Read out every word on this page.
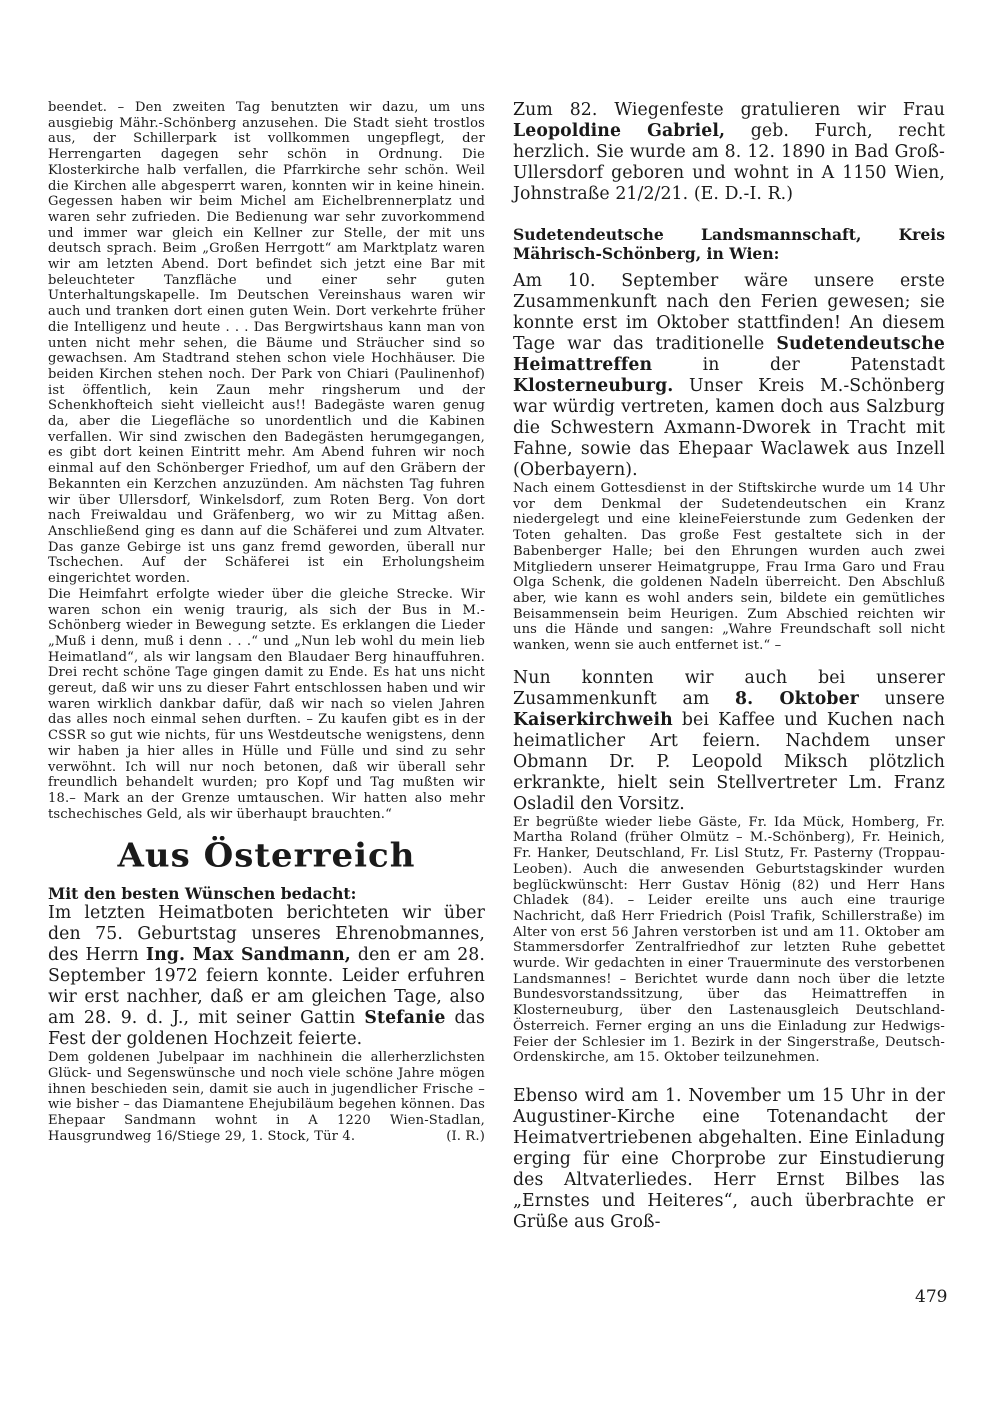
beendet. – Den zweiten Tag benutzten wir dazu, um uns ausgiebig Mähr.-Schönberg anzusehen. Die Stadt sieht trostlos aus, der Schillerpark ist vollkommen ungepflegt, der Herrengarten dagegen sehr schön in Ordnung. Die Klosterkirche halb verfallen, die Pfarrkirche sehr schön. Weil die Kirchen alle abgesperrt waren, konnten wir in keine hinein. Gegessen haben wir beim Michel am Eichelbrennerplatz und waren sehr zufrieden. Die Bedienung war sehr zuvorkommend und immer war gleich ein Kellner zur Stelle, der mit uns deutsch sprach. Beim „Großen Herrgott“ am Marktplatz waren wir am letzten Abend. Dort befindet sich jetzt eine Bar mit beleuchteter Tanzfläche und einer sehr guten Unterhaltungskapelle. Im Deutschen Vereinshaus waren wir auch und tranken dort einen guten Wein. Dort verkehrte früher die Intelligenz und heute . . . Das Bergwirtshaus kann man von unten nicht mehr sehen, die Bäume und Sträucher sind so gewachsen. Am Stadtrand stehen schon viele Hochhäuser. Die beiden Kirchen stehen noch. Der Park von Chiari (Paulinenhof) ist öffentlich, kein Zaun mehr ringsherum und der Schenkhofteich sieht vielleicht aus!! Badegäste waren genug da, aber die Liegefläche so unordentlich und die Kabinen verfallen. Wir sind zwischen den Badegästen herumgegangen, es gibt dort keinen Eintritt mehr. Am Abend fuhren wir noch einmal auf den Schönberger Friedhof, um auf den Gräbern der Bekannten ein Kerzchen anzuzünden. Am nächsten Tag fuhren wir über Ullersdorf, Winkelsdorf, zum Roten Berg. Von dort nach Freiwaldau und Gräfenberg, wo wir zu Mittag aßen. Anschließend ging es dann auf die Schäferei und zum Altvater. Das ganze Gebirge ist uns ganz fremd geworden, überall nur Tschechen. Auf der Schäferei ist ein Erholungsheim eingerichtet worden.

Die Heimfahrt erfolgte wieder über die gleiche Strecke. Wir waren schon ein wenig traurig, als sich der Bus in M.-Schönberg wieder in Bewegung setzte. Es erklangen die Lieder „Muß i denn, muß i denn . . .“ und „Nun leb wohl du mein lieb Heimatland“, als wir langsam den Blaudaer Berg hinauffuhren. Drei recht schöne Tage gingen damit zu Ende. Es hat uns nicht gereut, daß wir uns zu dieser Fahrt entschlossen haben und wir waren wirklich dankbar dafür, daß wir nach so vielen Jahren das alles noch einmal sehen durften. – Zu kaufen gibt es in der CSSR so gut wie nichts, für uns Westdeutsche wenigstens, denn wir haben ja hier alles in Hülle und Fülle und sind zu sehr verwöhnt. Ich will nur noch betonen, daß wir überall sehr freundlich behandelt wurden; pro Kopf und Tag mußten wir 18.– Mark an der Grenze umtauschen. Wir hatten also mehr tschechisches Geld, als wir überhaupt brauchten.“

Aus Österreich

Mit den besten Wünschen bedacht:

Im letzten Heimatboten berichteten wir über den 75. Geburtstag unseres Ehrenobmannes, des Herrn Ing. Max Sandmann, den er am 28. September 1972 feiern konnte. Leider erfuhren wir erst nachher, daß er am gleichen Tage, also am 28. 9. d. J., mit seiner Gattin Stefanie das Fest der goldenen Hochzeit feierte.

Dem goldenen Jubelpaar im nachhinein die allerherzlichsten Glück- und Segenswünsche und noch viele schöne Jahre mögen ihnen beschieden sein, damit sie auch in jugendlicher Frische – wie bisher – das Diamantene Ehejubiläum begehen können. Das Ehepaar Sandmann wohnt in A 1220 Wien-Stadlan, Hausgrundweg 16/Stiege 29, 1. Stock, Tür 4.	(I. R.)

Zum 82. Wiegenfeste gratulieren wir Frau Leopoldine Gabriel, geb. Furch, recht herzlich. Sie wurde am 8. 12. 1890 in Bad Groß-Ullersdorf geboren und wohnt in A 1150 Wien, Johnstraße 21/2/21. (E. D.-I. R.)

Sudetendeutsche Landsmannschaft, Kreis Mährisch-Schönberg, in Wien:

Am 10. September wäre unsere erste Zusammenkunft nach den Ferien gewesen; sie konnte erst im Oktober stattfinden! An diesem Tage war das traditionelle Sudetendeutsche Heimattreffen in der Patenstadt Klosterneuburg. Unser Kreis M.-Schönberg war würdig vertreten, kamen doch aus Salzburg die Schwestern Axmann-Dworek in Tracht mit Fahne, sowie das Ehepaar Waclawek aus Inzell (Oberbayern).

Nach einem Gottesdienst in der Stiftskirche wurde um 14 Uhr vor dem Denkmal der Sudetendeutschen ein Kranz niedergelegt und eine kleineFeierstunde zum Gedenken der Toten gehalten. Das große Fest gestaltete sich in der Babenberger Halle; bei den Ehrungen wurden auch zwei Mitgliedern unserer Heimatgruppe, Frau Irma Garo und Frau Olga Schenk, die goldenen Nadeln überreicht. Den Abschluß aber, wie kann es wohl anders sein, bildete ein gemütliches Beisammensein beim Heurigen. Zum Abschied reichten wir uns die Hände und sangen: „Wahre Freundschaft soll nicht wanken, wenn sie auch entfernet ist.“ –

Nun konnten wir auch bei unserer Zusammenkunft am 8. Oktober unsere Kaiserkirchweih bei Kaffee und Kuchen nach heimatlicher Art feiern. Nachdem unser Obmann Dr. P. Leopold Miksch plötzlich erkrankte, hielt sein Stellvertreter Lm. Franz Osladil den Vorsitz.

Er begrüßte wieder liebe Gäste, Fr. Ida Mück, Homberg, Fr. Martha Roland (früher Olmütz – M.-Schönberg), Fr. Heinich, Fr. Hanker, Deutschland, Fr. Lisl Stutz, Fr. Pasterny (Troppau-Leoben). Auch die anwesenden Geburtstagskinder wurden beglückwünscht: Herr Gustav Hönig (82) und Herr Hans Chladek (84). – Leider ereilte uns auch eine traurige Nachricht, daß Herr Friedrich (Poisl Trafik, Schillerstraße) im Alter von erst 56 Jahren verstorben ist und am 11. Oktober am Stammersdorfer Zentralfriedhof zur letzten Ruhe gebettet wurde. Wir gedachten in einer Trauerminute des verstorbenen Landsmannes! – Berichtet wurde dann noch über die letzte Bundesvorstandssitzung, über das Heimattreffen in Klosterneuburg, über den Lastenausgleich Deutschland-Österreich. Ferner erging an uns die Einladung zur Hedwigs-Feier der Schlesier im 1. Bezirk in der Singerstraße, Deutsch-Ordenskirche, am 15. Oktober teilzunehmen.

Ebenso wird am 1. November um 15 Uhr in der Augustiner-Kirche eine Totenandacht der Heimatvertriebenen abgehalten. Eine Einladung erging für eine Chorprobe zur Einstudierung des Altvaterliedes. Herr Ernst Bilbes las „Ernstes und Heiteres“, auch überbrachte er Grüße aus Groß-

479
